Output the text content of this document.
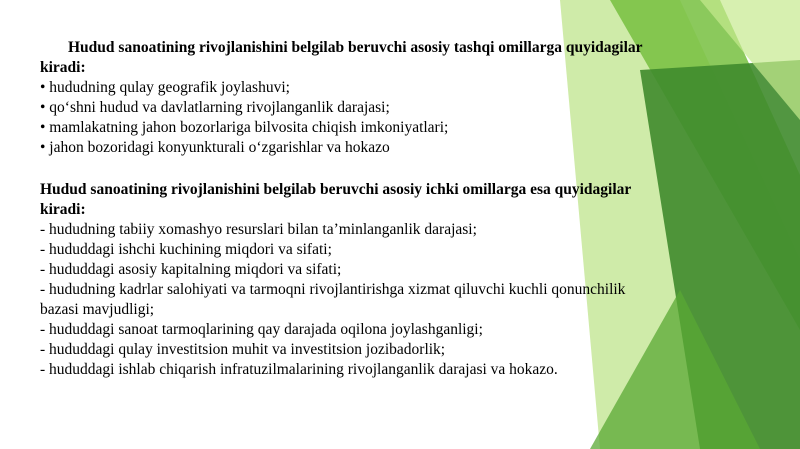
Hudud sanoatining rivojlanishini belgilab beruvchi asosiy tashqi omillarga quyidagilar
kiradi:
• hududning qulay geografik joylashuvi;
• qo‘shni hudud va davlatlarning rivojlanganlik darajasi;
• mamlakatning jahon bozorlariga bilvosita chiqish imkoniyatlari;
• jahon bozoridagi konyunkturali o‘zgarishlar va hokazo
Hudud sanoatining rivojlanishini belgilab beruvchi asosiy ichki omillarga esa quyidagilar
kiradi:
- hududning tabiiy xomashyo resurslari bilan ta’minlanganlik darajasi;
- hududdagi ishchi kuchining miqdori va sifati;
- hududdagi asosiy kapitalning miqdori va sifati;
- hududning kadrlar salohiyati va tarmoqni rivojlantirishga xizmat qiluvchi kuchli qonunchilik
bazasi mavjudligi;
- hududdagi sanoat tarmoqlarining qay darajada oqilona joylashganligi;
- hududdagi qulay investitsion muhit va investitsion jozibadorlik;
- hududdagi ishlab chiqarish infratuzilmalarining rivojlanganlik darajasi va hokazo.
